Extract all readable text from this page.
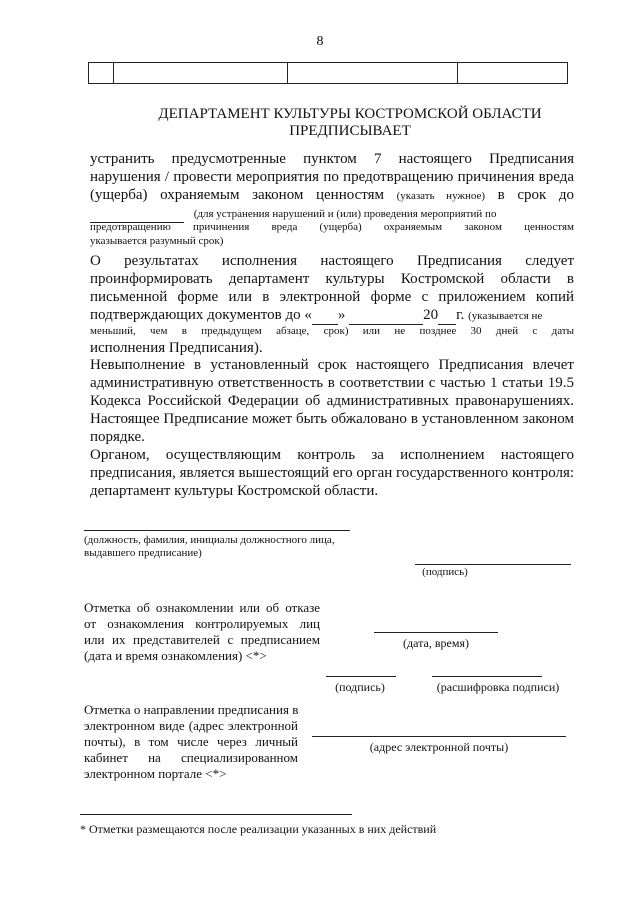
8
ДЕПАРТАМЕНТ КУЛЬТУРЫ КОСТРОМСКОЙ ОБЛАСТИ
ПРЕДПИСЫВАЕТ
устранить предусмотренные пунктом 7 настоящего Предписания
нарушения / провести мероприятия по предотвращению причинения вреда
(ущерба) охраняемым законом ценностям (указать нужное) в срок до
(для устранения нарушений и (или) проведения мероприятий по
предотвращению причинения вреда (ущерба) охраняемым законом ценностям
указывается разумный срок)
О результатах исполнения настоящего Предписания следует
проинформировать департамент культуры Костромской области в
письменной форме или в электронной форме с приложением копий
подтверждающих документов до « »	20 г. (указывается не
меньший, чем в предыдущем абзаце, срок) или не позднее 30 дней с даты
исполнения Предписания).
Невыполнение в установленный срок настоящего Предписания влечет
административную ответственность в соответствии с частью 1 статьи 19.5
Кодекса Российской Федерации об административных правонарушениях.
Настоящее Предписание может быть обжаловано в установленном законом
порядке.
Органом, осуществляющим контроль за исполнением настоящего
предписания, является вышестоящий его орган государственного контроля:
департамент культуры Костромской области.
(должность, фамилия, инициалы должностного лица,
выдавшего предписание)
(подпись)
Отметка об ознакомлении или об отказе
от ознакомления контролируемых лиц
или их представителей с предписанием
(дата и время ознакомления) <*>
(дата, время)
(подпись)	(расшифровка подписи)
Отметка о направлении предписания в
электронном виде (адрес электронной
почты), в том числе через личный
кабинет на специализированном
электронном портале <*>
(адрес электронной почты)
* Отметки размещаются после реализации указанных в них действий
